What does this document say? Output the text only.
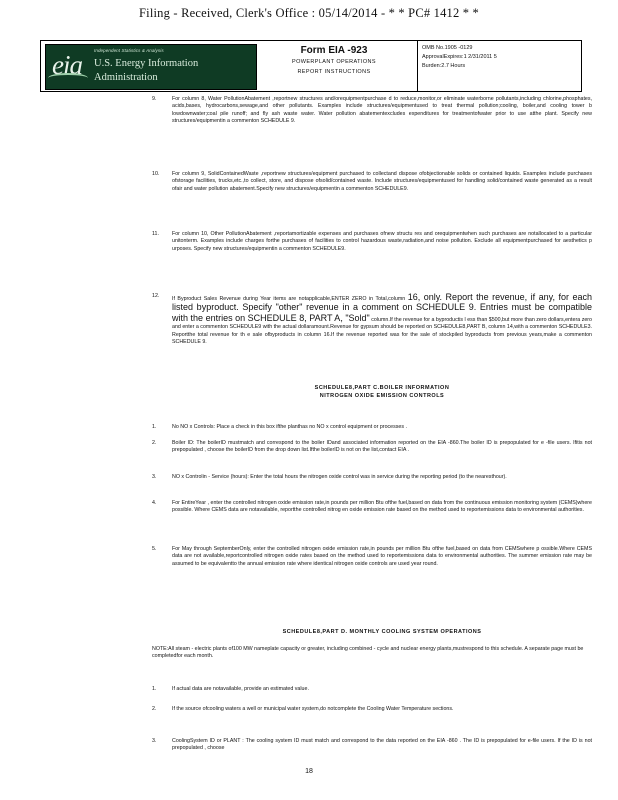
Filing - Received, Clerk's Office : 05/14/2014 - * * PC# 1412 * *
Independent Statistics & Analysis
eia U.S. Energy Information
Administration
Form EIA -923
POWERPLANT OPERATIONS
REPORT INSTRUCTIONS
OMB No.1905 -0129
ApprovalExpires:1 2/31/2011 5
Burden:2.7 Hours
9.	For column 8, Water PollutionAbatement ,reportnew structures and/orequipmentpurchase d to reduce,monitor,or eliminate waterborne pollutants,including chlorine,phosphates, acids,bases, hydrocarbons,sewage,and other pollutants. Examples include structures/equipmentused to treat thermal pollution;cooling, boiler,and cooling tower b lowdownwater;coal pile runoff; and fly ash waste water. Water pollution abatementexcludes expenditures for treatmentofwater prior to use atthe plant. Specify new structures/equipmentin a commenton SCHEDULE 9.

10. For column 9, SolidContainedWaste ,reportnew structures/equipment purchased to collectand dispose ofobjectionable solids or contained liquids. Examples include purchases ofstorage facilities, trucks,etc.,to collect, store, and dispose ofsolid/contained waste. Include structures/equipmentused for handling solid/contained waste generated as a result ofair and water pollution abatement.Specify new structures/equipmentin a commenton SCHEDULE9.

11. For column 10, Other PollutionAbatement ,reportamortizable expenses and purchases ofnew structu res and orequipmentwhen such purchases are notallocated to a particular unitonterm. Examples include charges forthe purchases of facilities to control hazardous waste,radiation,and noise pollution. Exclude all equipmentpurchased for aesthetics p urposes. Specify new structures/equipmentin a commenton SCHEDULE9.

12. If Byproduct Sales Revenue during Year items are notapplicable,ENTER ZERO in Total,column 16, only. Report the revenue, if any, for each listed byproduct. Specify "other" revenue in a comment on SCHEDULE 9. Entries must be compatible with the entries on SCHEDULE 8, PART A, "Sold" column.If the revenue for a byproductis l ess than $500,but more than zero dollars,entera zero and enter a commenton SCHEDULE9 with the actual dollaramount.Revenue for gypsum should be reported on SCHEDULE8,PART B, column 14,with a commenton SCHEDULE3. Reportthe total revenue for th e sale ofbyproducts in column 16.If the revenue reported was for the sale of stockpiled byproducts from previous years,make a commenton SCHEDULE 9.

SCHEDULE8,PART C.BOILER INFORMATION
NITROGEN OXIDE EMISSION CONTROLS
1.	No NO x Controls: Place a check in this box ifthe planthas no NO x control equipment or processes .

2.	Boiler ID: The boilerID mustmatch and correspond to the boiler IDand associated information reported on the EIA -860.The boiler ID is prepopulated for e -file users. Ifitis not prepopulated , choose the boilerID from the drop down list.Ifthe boilerID is not on the list,contact EIA .

3.	NO x Controlin - Service (hours): Enter the total hours the nitrogen oxide control was in service during the reporting period (to the nearesthour).

4.	For EntireYear , enter the controlled nitrogen oxide emission rate,in pounds per million Btu ofthe fuel,based on data from the continuous emission monitoring system (CEMS)where possible. Where CEMS data are notavailable, reportthe controlled nitrog en oxide emission rate based on the method used to reportemissions data to environmental authorities.

5.	For May through SeptemberOnly, enter the controlled nitrogen oxide emission rate,in pounds per million Btu ofthe fuel,based on data from CEMSwhere p ossible.Where CEMS data are not available,reportcontrolled nitrogen oxide rates based on the method used to reportemissions data to environmental authorities. The summer emission rate may be assumed to be equivalentto the annual emission rate where identical nitrogen oxide controls are used year round.

SCHEDULE8,PART D. MONTHLY COOLING SYSTEM OPERATIONS

NOTE:All steam - electric plants of100 MW nameplate capacity or greater, including combined - cycle and nuclear energy plants,mustrespond to this schedule. A separate page must be completedfor each month.

1.	If actual data are notavailable, provide an estimated value.

2.	If the source ofcooling waters a well or municipal water system,do notcomplete the Cooling Water Temperature sections.

3.	CoolingSystem ID or PLANT : The cooling system ID must match and correspond to the data reported on the EIA -860 . The ID is prepopulated for e-file users. If the ID is not prepopulated , choose

18
